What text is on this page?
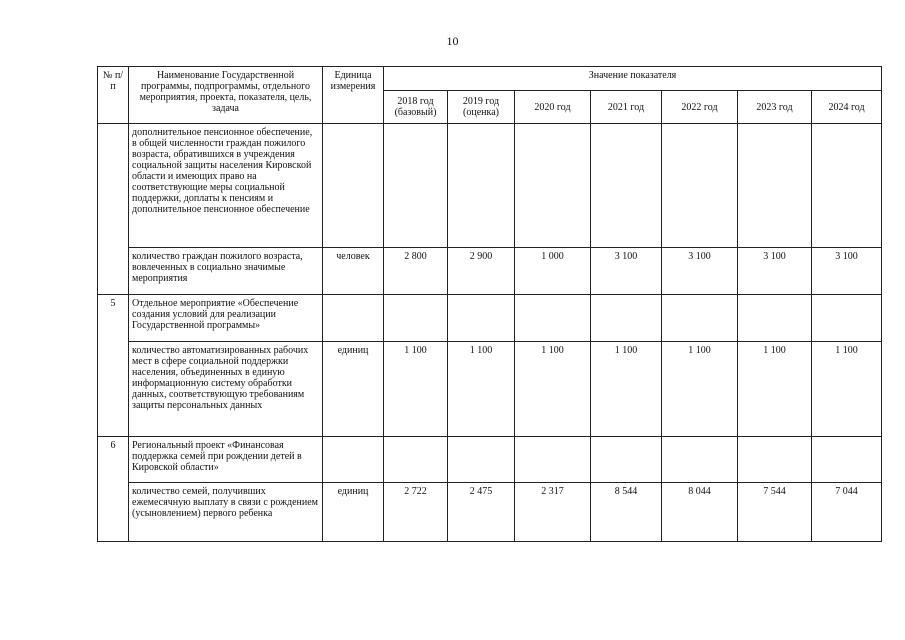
10
№ п/п	Наименование Государственной программы, подпрограммы, отдельного мероприятия, проекта, показателя, цель, задача	Единица измерения	Значение показателя						
			2018 год (базовый)	2019 год (оценка)	2020 год	2021 год	2022 год	2023 год	2024 год
	дополнительное пенсионное обеспечение, в общей численности граждан пожилого возраста, обратившихся в учреждения социальной защиты населения Кировской области и имеющих право на соответствующие меры социальной поддержки, доплаты к пенсиям и дополнительное пенсионное обеспечение								
	количество граждан пожилого возраста, вовлеченных в социально значимые мероприятия	человек	2 800	2 900	1 000	3 100	3 100	3 100	3 100
5	Отдельное мероприятие «Обеспечение создания условий для реализации Государственной программы»								
	количество автоматизированных рабочих мест в сфере социальной поддержки населения, объединенных в единую информационную систему обработки данных, соответствующую требованиям защиты персональных данных	единиц	1 100	1 100	1 100	1 100	1 100	1 100	1 100
6	Региональный проект «Финансовая поддержка семей при рождении детей в Кировской области»								
	количество семей, получивших ежемесячную выплату в связи с рождением (усыновлением) первого ребенка	единиц	2 722	2 475	2 317	8 544	8 044	7 544	7 044
